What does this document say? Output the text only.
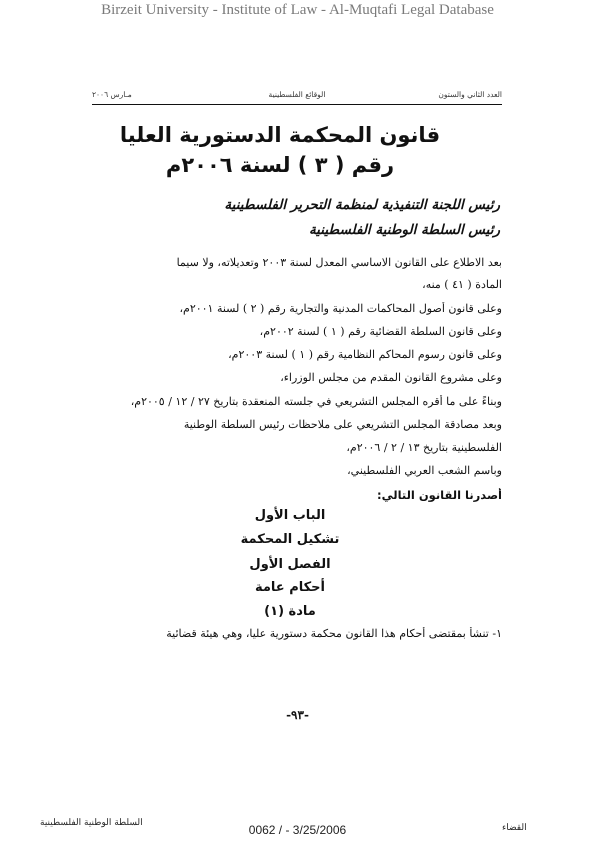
Birzeit University - Institute of Law - Al-Muqtafi Legal Database
العدد الثاني والستون
الوقائع الفلسطينية
مـارس ٢٠٠٦
قانون المحكمة الدستورية العليا
رقم ( ٣ ) لسنة ٢٠٠٦م
رئيس اللجنة التنفيذية لمنظمة التحرير الفلسطينية
رئيس السلطة الوطنية الفلسطينية
بعد الاطلاع على القانون الاساسي المعدل لسنة ٢٠٠٣ وتعديلاته، ولا سيما
المادة ( ٤١ ) منه،
وعلى قانون أصول المحاكمات المدنية والتجارية رقم ( ٢ ) لسنة ٢٠٠١م،
وعلى قانون السلطة القضائية رقم ( ١ ) لسنة ٢٠٠٢م،
وعلى قانون رسوم المحاكم النظامية رقم ( ١ ) لسنة ٢٠٠٣م،
وعلى مشروع القانون المقدم من مجلس الوزراء،
وبناءً على ما أقره المجلس التشريعي في جلسته المنعقدة بتاريخ ٢٧ / ١٢ / ٢٠٠٥م،
وبعد مصادقة المجلس التشريعي على ملاحظات رئيس السلطة الوطنية
الفلسطينية بتاريخ ١٣ / ٢ / ٢٠٠٦م،
وباسم الشعب العربي الفلسطيني،
أصدرنا القانون التالي:
الباب الأول
تشكيل المحكمة
الفصل الأول
أحكام عامة
مادة (١)
١- تنشأ بمقتضى أحكام هذا القانون محكمة دستورية عليا، وهي هيئة قضائية
-٩٣-
السلطة الوطنية الفلسطينية	0062 / - 3/25/2006	القضاء
